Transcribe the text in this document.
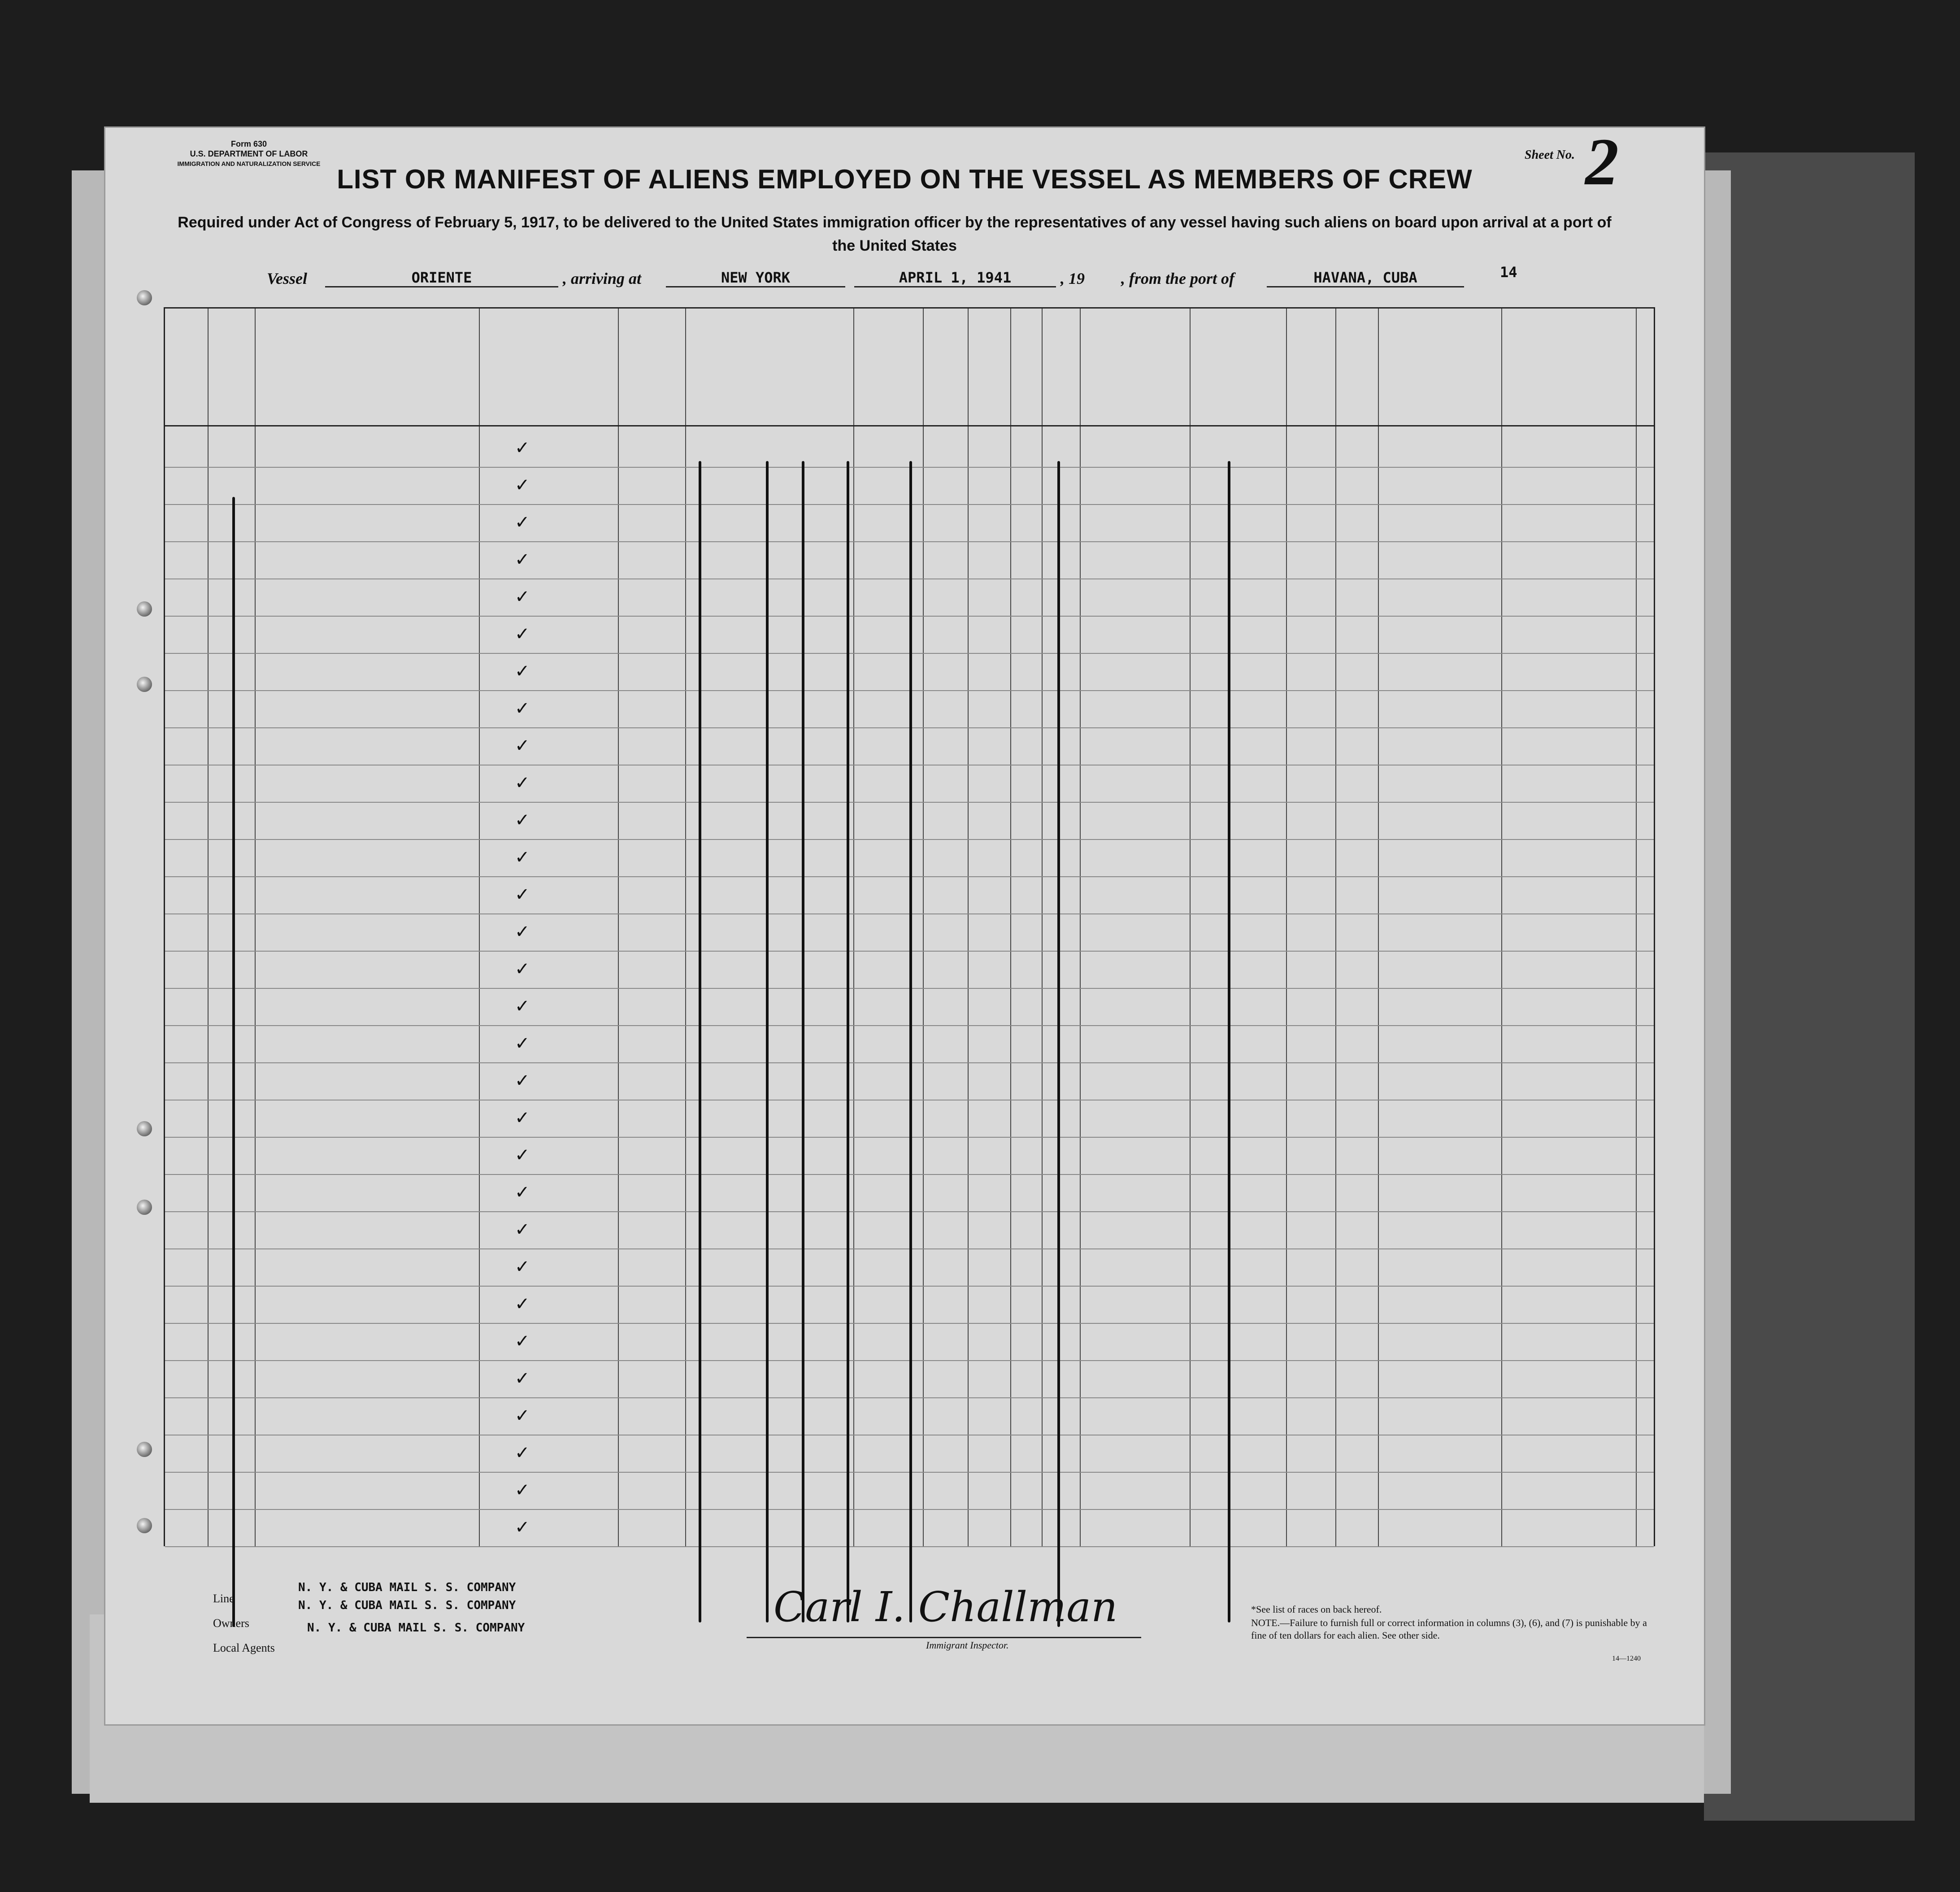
Form 630
U.S. DEPARTMENT OF LABOR
IMMIGRATION AND NATURALIZATION SERVICE
Sheet No. 2
LIST OR MANIFEST OF ALIENS EMPLOYED ON THE VESSEL AS MEMBERS OF CREW
Required under Act of Congress of February 5, 1917, to be delivered to the United States immigration officer by the representatives of any vessel having such aliens on board upon arrival at a port of the United States
Vessel	ORIENTE	, arriving at	NEW YORK	APRIL 1, 1941	, 19 , from the port of	HAVANA, CUBA	14
✓
✓
✓
✓
✓
✓
✓
✓
✓
✓
✓
✓
✓
✓
✓
✓
✓
✓
✓
✓
✓
✓
✓
✓
✓
✓
✓
✓
✓
✓
Line
N. Y. & CUBA MAIL S. S. COMPANY
Owners
N. Y. & CUBA MAIL S. S. COMPANY
Local Agents
N. Y. & CUBA MAIL S. S. COMPANY	Carl I. Challman
Immigrant Inspector.
*See list of races on back hereof.
NOTE.—Failure to furnish full or correct information in columns (3), (6), and (7) is punishable by a fine of ten dollars for each alien. See other side.
14—1240
